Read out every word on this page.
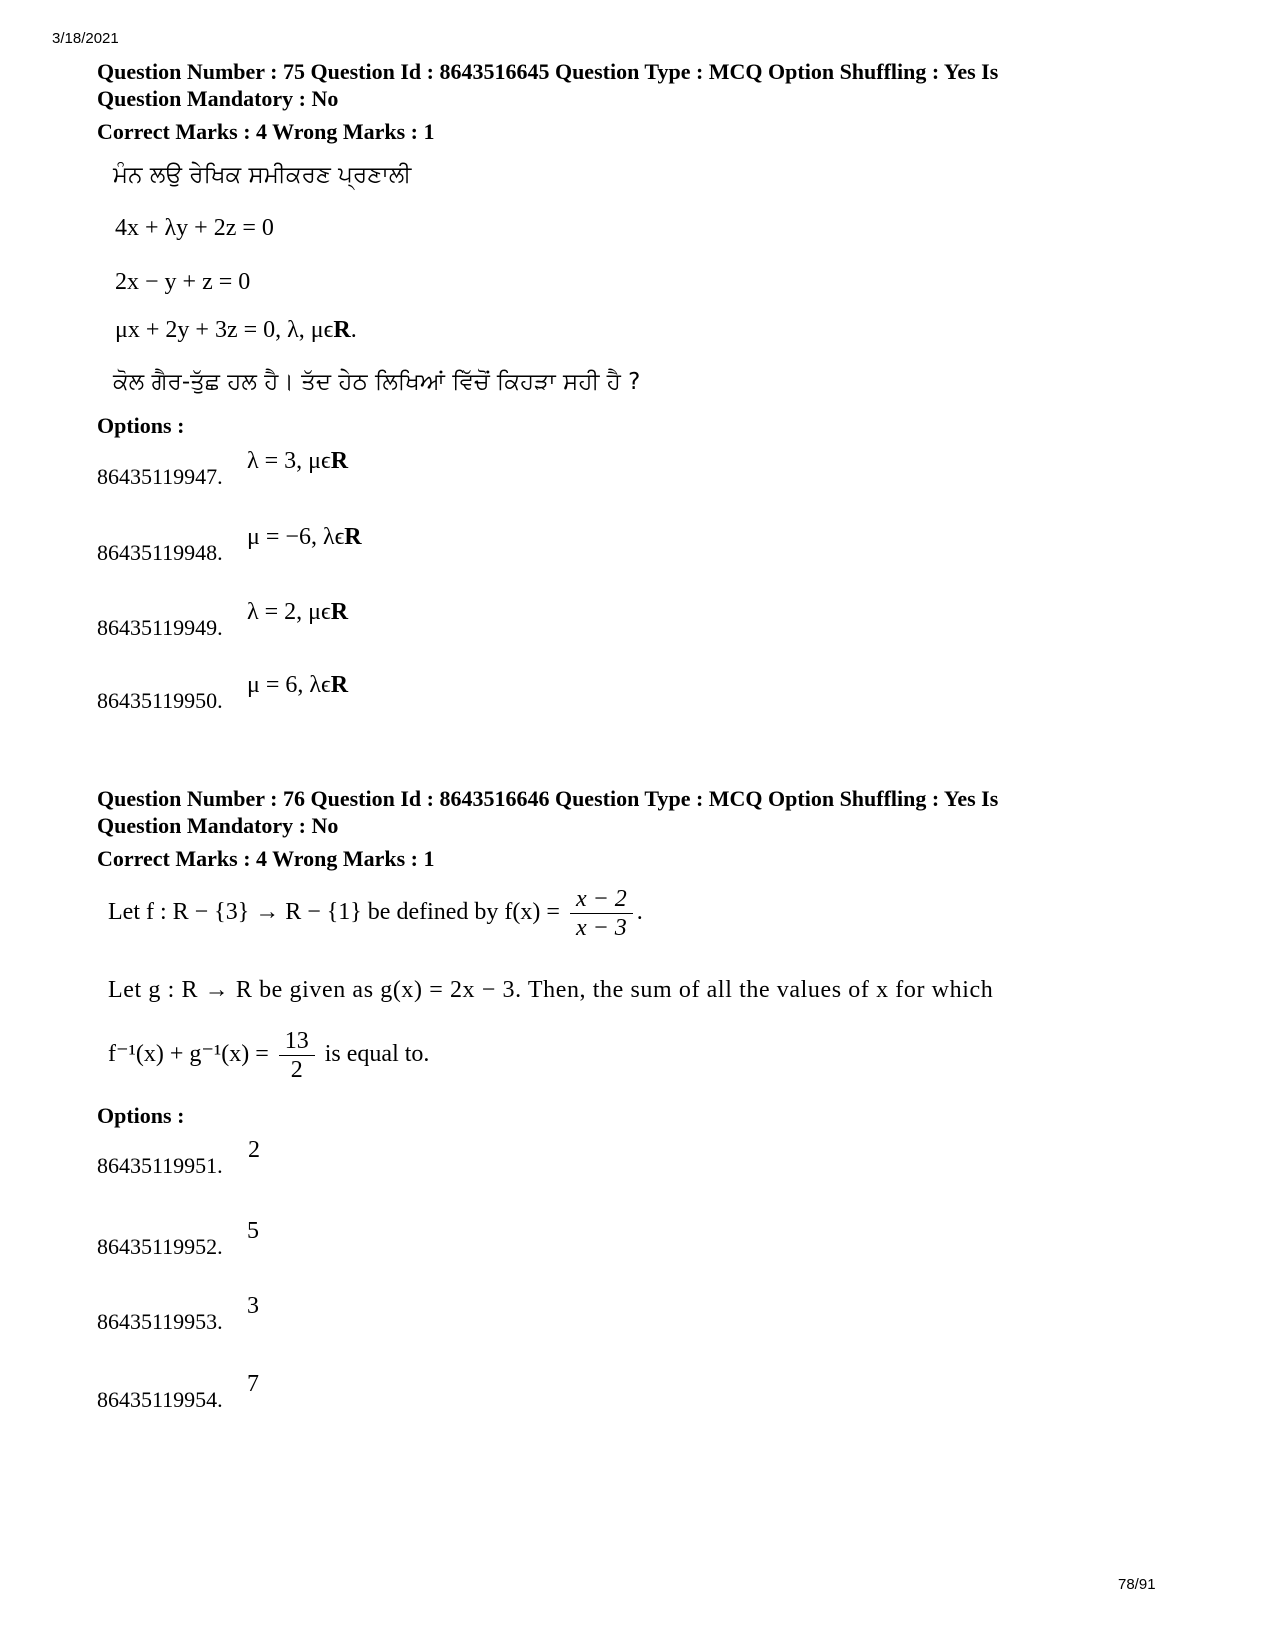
3/18/2021

Question Number : 75 Question Id : 8643516645 Question Type : MCQ Option Shuffling : Yes Is

Question Mandatory : No

Correct Marks : 4 Wrong Marks : 1

ਮੰਨ ਲਉ ਰੇਖਿਕ ਸਮੀਕਰਣ ਪ੍ਰਣਾਲੀ
4x + λy + 2z = 0
2x − y + z = 0
μx + 2y + 3z = 0, λ, μϵR.
ਕੋਲ ਗੈਰ-ਤੁੱਛ ਹਲ ਹੈ। ਤੱਦ ਹੇਠ ਲਿਖਿਆਂ ਵਿੱਚੋਂ ਕਿਹੜਾ ਸਹੀ ਹੈ ?
Options :
86435119947.
λ = 3, μϵR
86435119948.
μ = −6, λϵR
86435119949.
λ = 2, μϵR
86435119950.
μ = 6, λϵR

Question Number : 76 Question Id : 8643516646 Question Type : MCQ Option Shuffling : Yes Is

Question Mandatory : No

Correct Marks : 4 Wrong Marks : 1

Let f : R − {3} → R − {1} be defined by $f(x) = \frac{x - 2}{x - 3}$ .
Let g : R → R be given as g(x) = 2x − 3. Then, the sum of all the values of x for which
$f^{-1}(x) + g^{-1}(x) = \frac{13}{2}$ is equal to.
Options :
86435119951.
2
86435119952.
5
86435119953.
3
86435119954.
7
78/91
